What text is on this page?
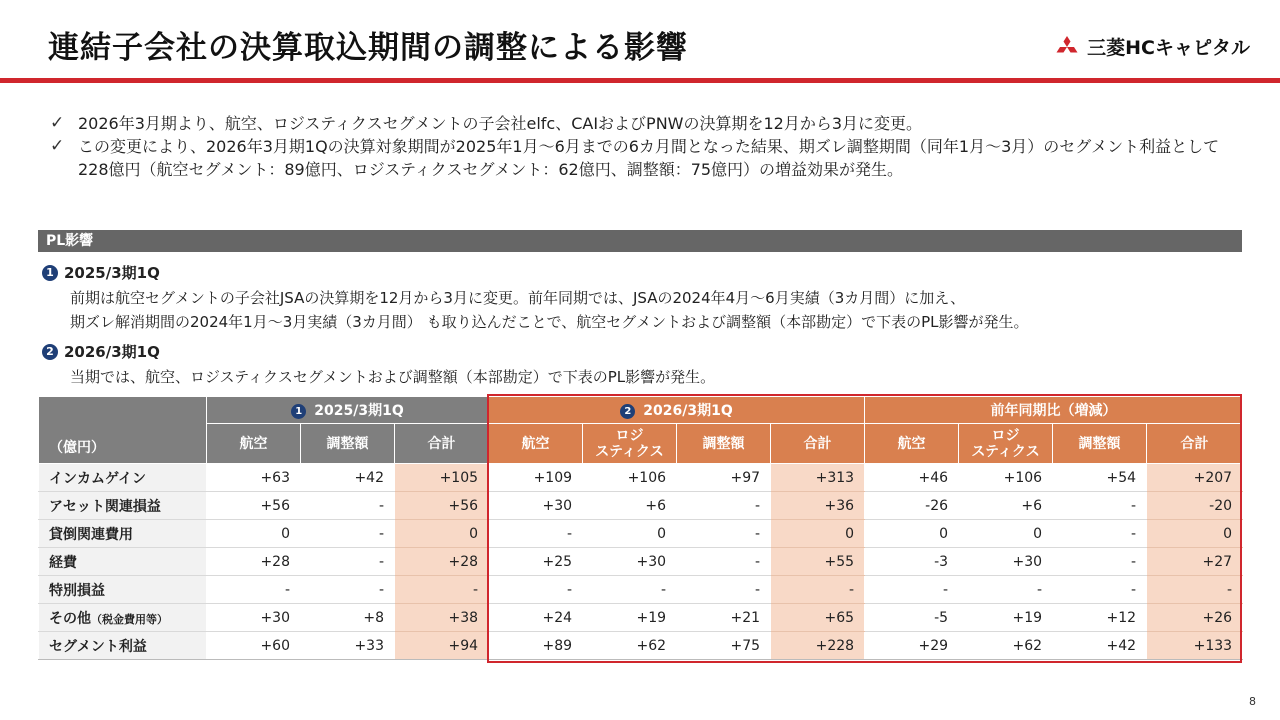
連結子会社の決算取込期間の調整による影響	三菱HCキャピタル
✓ 2026年3月期より、航空、ロジスティクスセグメントの子会社elfc、CAIおよびPNWの決算期を12月から3月に変更。
✓ この変更により、2026年3月期1Qの決算対象期間が2025年1月～6月までの6カ月間となった結果、期ズレ調整期間（同年1月～3月）のセグメント利益として228億円（航空セグメント：89億円、ロジスティクスセグメント：62億円、調整額：75億円）の増益効果が発生。
PL影響
1 2025/3期1Q
前期は航空セグメントの子会社JSAの決算期を12月から3月に変更。前年同期では、JSAの2024年4月～6月実績（3カ月間）に加え、
期ズレ解消期間の2024年1月～3月実績（3カ月間） も取り込んだことで、航空セグメントおよび調整額（本部勘定）で下表のPL影響が発生。
2 2026/3期1Q
当期では、航空、ロジスティクスセグメントおよび調整額（本部勘定）で下表のPL影響が発生。
（億円）	1 2025/3期1Q			2 2026/3期1Q				前年同期比（増減）			
	航空	調整額	合計	航空	ロジ
スティクス	調整額	合計	航空	ロジ
スティクス	調整額	合計
インカムゲイン	+63	+42	+105	+109	+106	+97	+313	+46	+106	+54	+207
アセット関連損益	+56	-	+56	+30	+6	-	+36	-26	+6	-	-20
貸倒関連費用	0	-	0	-	0	-	0	0	0	-	0
経費	+28	-	+28	+25	+30	-	+55	-3	+30	-	+27
特別損益	-	-	-	-	-	-	-	-	-	-	-
その他（税金費用等）	+30	+8	+38	+24	+19	+21	+65	-5	+19	+12	+26
セグメント利益	+60	+33	+94	+89	+62	+75	+228	+29	+62	+42	+133
8
